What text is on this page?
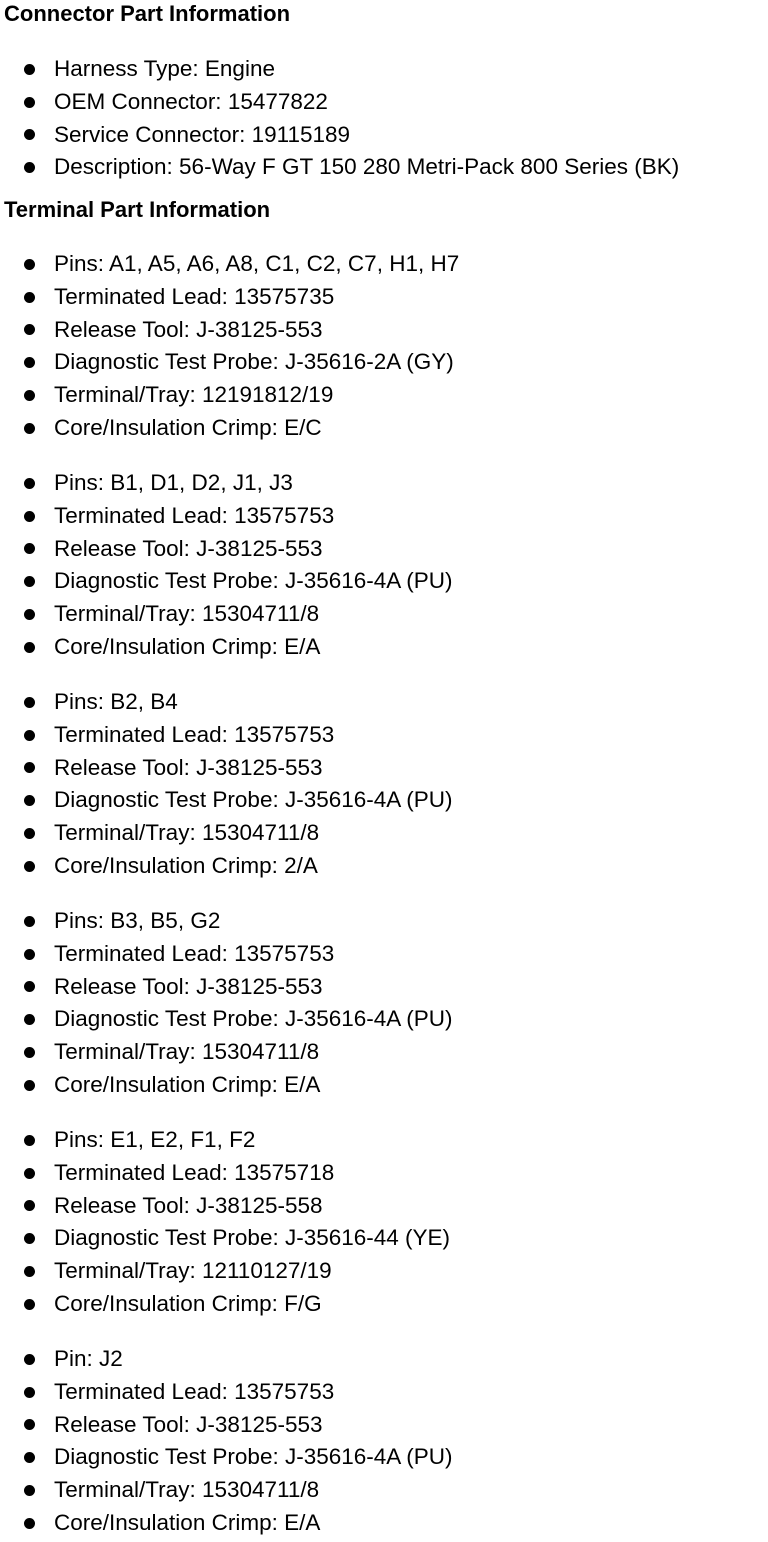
Connector Part Information
Harness Type: Engine
OEM Connector: 15477822
Service Connector: 19115189
Description: 56-Way F GT 150 280 Metri-Pack 800 Series (BK)
Terminal Part Information
Pins: A1, A5, A6, A8, C1, C2, C7, H1, H7
Terminated Lead: 13575735
Release Tool: J-38125-553
Diagnostic Test Probe: J-35616-2A (GY)
Terminal/Tray: 12191812/19
Core/Insulation Crimp: E/C
Pins: B1, D1, D2, J1, J3
Terminated Lead: 13575753
Release Tool: J-38125-553
Diagnostic Test Probe: J-35616-4A (PU)
Terminal/Tray: 15304711/8
Core/Insulation Crimp: E/A
Pins: B2, B4
Terminated Lead: 13575753
Release Tool: J-38125-553
Diagnostic Test Probe: J-35616-4A (PU)
Terminal/Tray: 15304711/8
Core/Insulation Crimp: 2/A
Pins: B3, B5, G2
Terminated Lead: 13575753
Release Tool: J-38125-553
Diagnostic Test Probe: J-35616-4A (PU)
Terminal/Tray: 15304711/8
Core/Insulation Crimp: E/A
Pins: E1, E2, F1, F2
Terminated Lead: 13575718
Release Tool: J-38125-558
Diagnostic Test Probe: J-35616-44 (YE)
Terminal/Tray: 12110127/19
Core/Insulation Crimp: F/G
Pin: J2
Terminated Lead: 13575753
Release Tool: J-38125-553
Diagnostic Test Probe: J-35616-4A (PU)
Terminal/Tray: 15304711/8
Core/Insulation Crimp: E/A
